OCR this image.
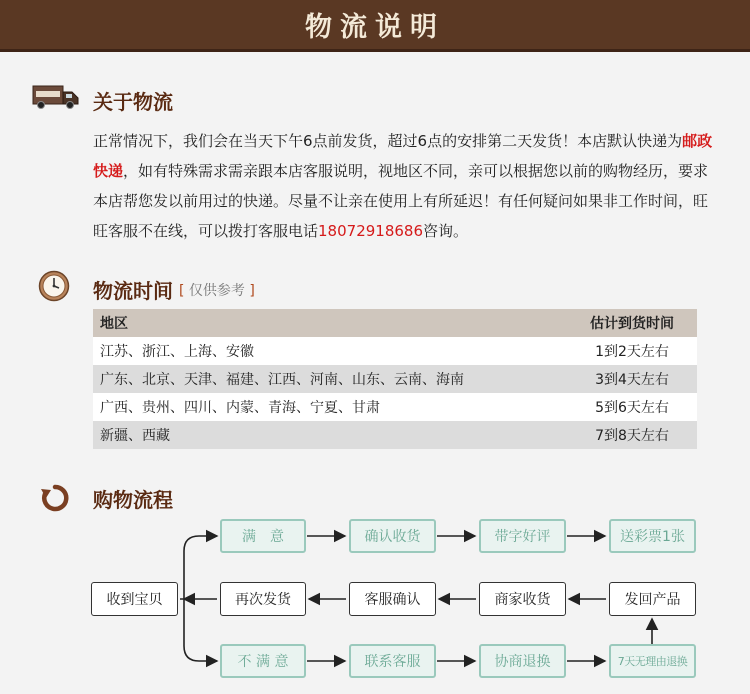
物流说明
关于物流
正常情况下，我们会在当天下午6点前发货，超过6点的安排第二天发货！本店默认快递为邮政快递，如有特殊需求需亲跟本店客服说明，视地区不同，亲可以根据您以前的购物经历，要求本店帮您发以前用过的快递。尽量不让亲在使用上有所延迟！有任何疑问如果非工作时间，旺旺客服不在线，可以拨打客服电话18072918686咨询。
物流时间 [ 仅供参考 ]
地区	估计到货时间
江苏、浙江、上海、安徽	1到2天左右
广东、北京、天津、福建、江西、河南、山东、云南、海南	3到4天左右
广西、贵州、四川、内蒙、青海、宁夏、甘肃	5到6天左右
新疆、西藏	7到8天左右
购物流程
收到宝贝
满　意	确认收货	带字好评	送彩票1张
再次发货	客服确认	商家收货	发回产品
不 满 意	联系客服	协商退换	7天无理由退换
